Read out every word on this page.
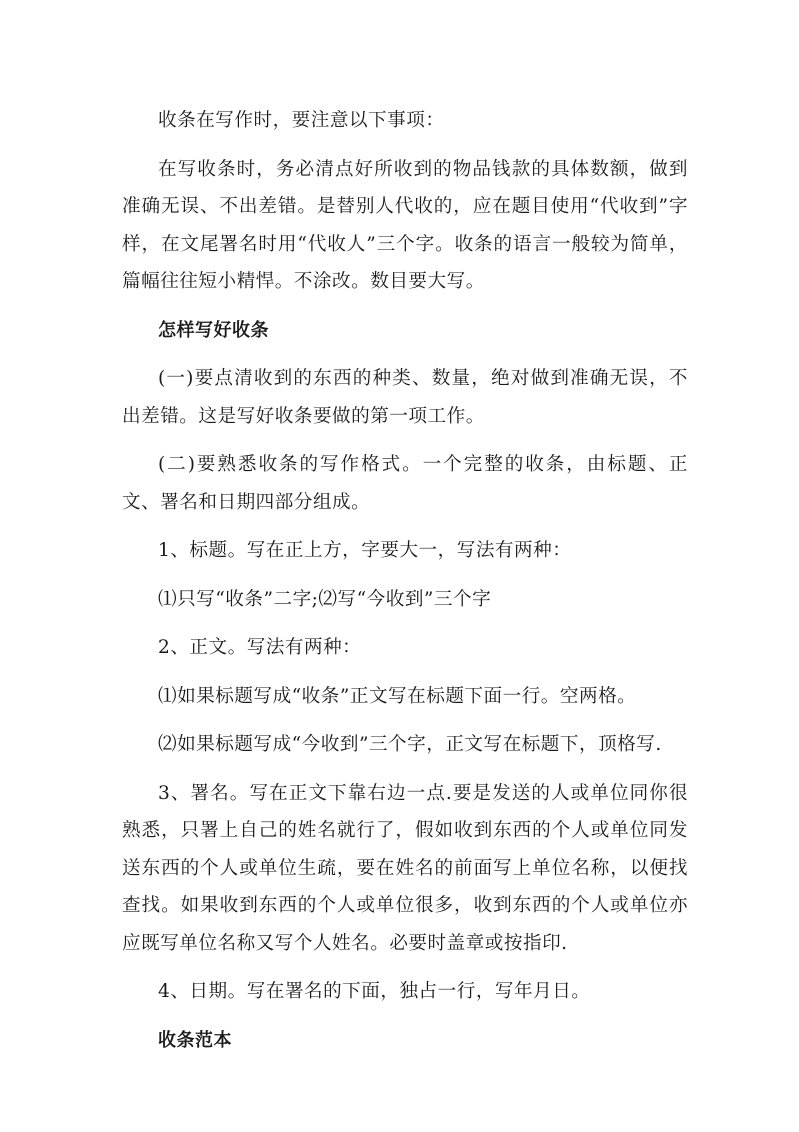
收条在写作时，要注意以下事项：

在写收条时，务必清点好所收到的物品钱款的具体数额，做到准确无误、不出差错。是替别人代收的，应在题目使用“代收到”字样，在文尾署名时用“代收人”三个字。收条的语言一般较为简单，篇幅往往短小精悍。不涂改。数目要大写。

怎样写好收条

(一)要点清收到的东西的种类、数量，绝对做到准确无误，不出差错。这是写好收条要做的第一项工作。

(二)要熟悉收条的写作格式。一个完整的收条，由标题、正文、署名和日期四部分组成。

1、标题。写在正上方，字要大一，写法有两种：

⑴只写“收条”二字;⑵写“今收到”三个字

2、正文。写法有两种：

⑴如果标题写成“收条”正文写在标题下面一行。空两格。

⑵如果标题写成“今收到”三个字，正文写在标题下，顶格写.

3、署名。写在正文下靠右边一点.要是发送的人或单位同你很熟悉，只署上自己的姓名就行了，假如收到东西的个人或单位同发送东西的个人或单位生疏，要在姓名的前面写上单位名称，以便找查找。如果收到东西的个人或单位很多，收到东西的个人或单位亦应既写单位名称又写个人姓名。必要时盖章或按指印.

4、日期。写在署名的下面，独占一行，写年月日。

收条范本
